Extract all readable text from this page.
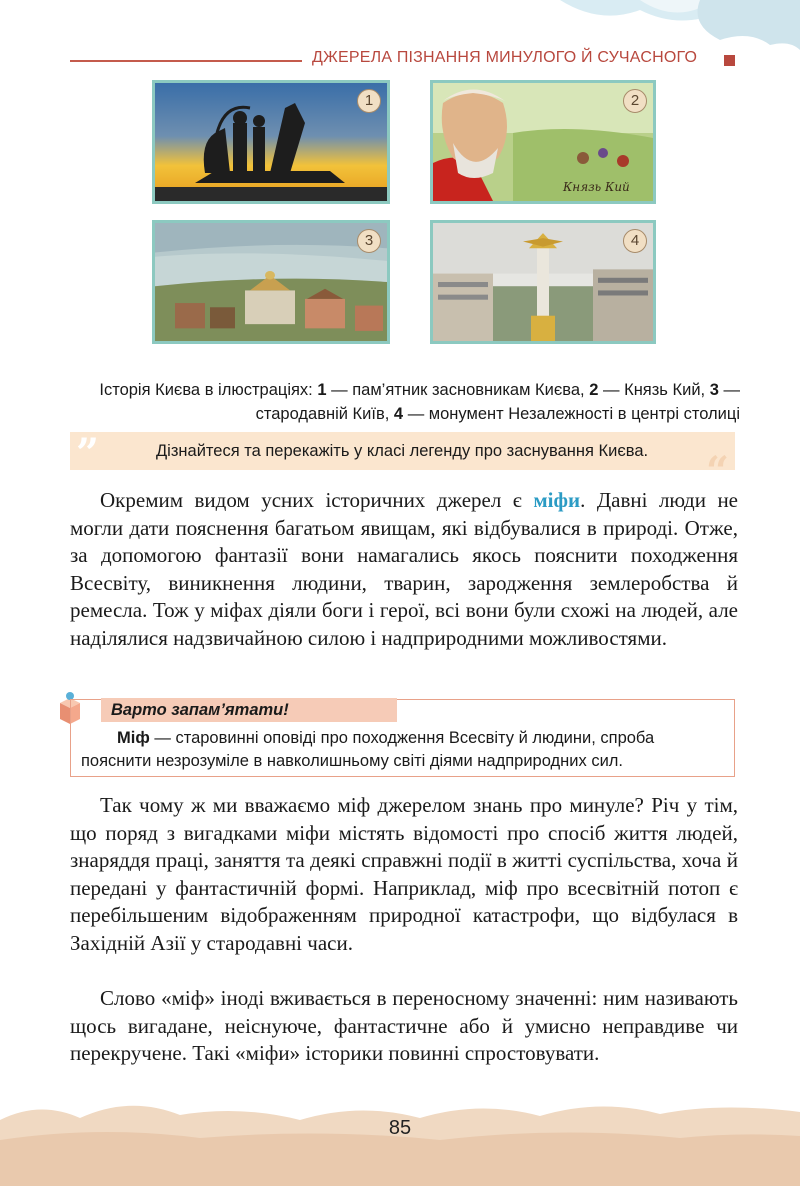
ДЖЕРЕЛА ПІЗНАННЯ МИНУЛОГО Й СУЧАСНОГО
1
Князь Кий
2
3	4
Історія Києва в ілюстраціях: 1 — пам’ятник засновникам Києва, 2 — Князь Кий, 3 — стародавній Київ, 4 — монумент Незалежності в центрі столиці
”	Дізнайтеся та перекажіть у класі легенду про заснування Києва. “
Окремим видом усних історичних джерел є міфи. Давні люди не могли дати пояснення багатьом явищам, які відбувалися в природі. Отже, за допомогою фантазії вони намагались якось пояснити походження Всесвіту, виникнення людини, тварин, зародження землеробства й ремесла. Тож у міфах діяли боги і герої, всі вони були схожі на людей, але наділялися надзвичайною силою і надприродними можливостями.
Варто запам’ятати!
Міф — старовинні оповіді про походження Всесвіту й людини, спроба пояснити незрозуміле в навколишньому світі діями надприродних сил.
Так чому ж ми вважаємо міф джерелом знань про минуле? Річ у тім, що поряд з вигадками міфи містять відомості про спосіб життя людей, знаряддя праці, заняття та деякі справжні події в житті суспільства, хоча й передані у фантастичній формі. Наприклад, міф про всесвітній потоп є перебільшеним відображенням природної катастрофи, що відбулася в Західній Азії у стародавні часи.
Слово «міф» іноді вживається в переносному значенні: ним називають щось вигадане, неіснуюче, фантастичне або й умисно неправдиве чи перекручене. Такі «міфи» історики повинні спростовувати.
85
